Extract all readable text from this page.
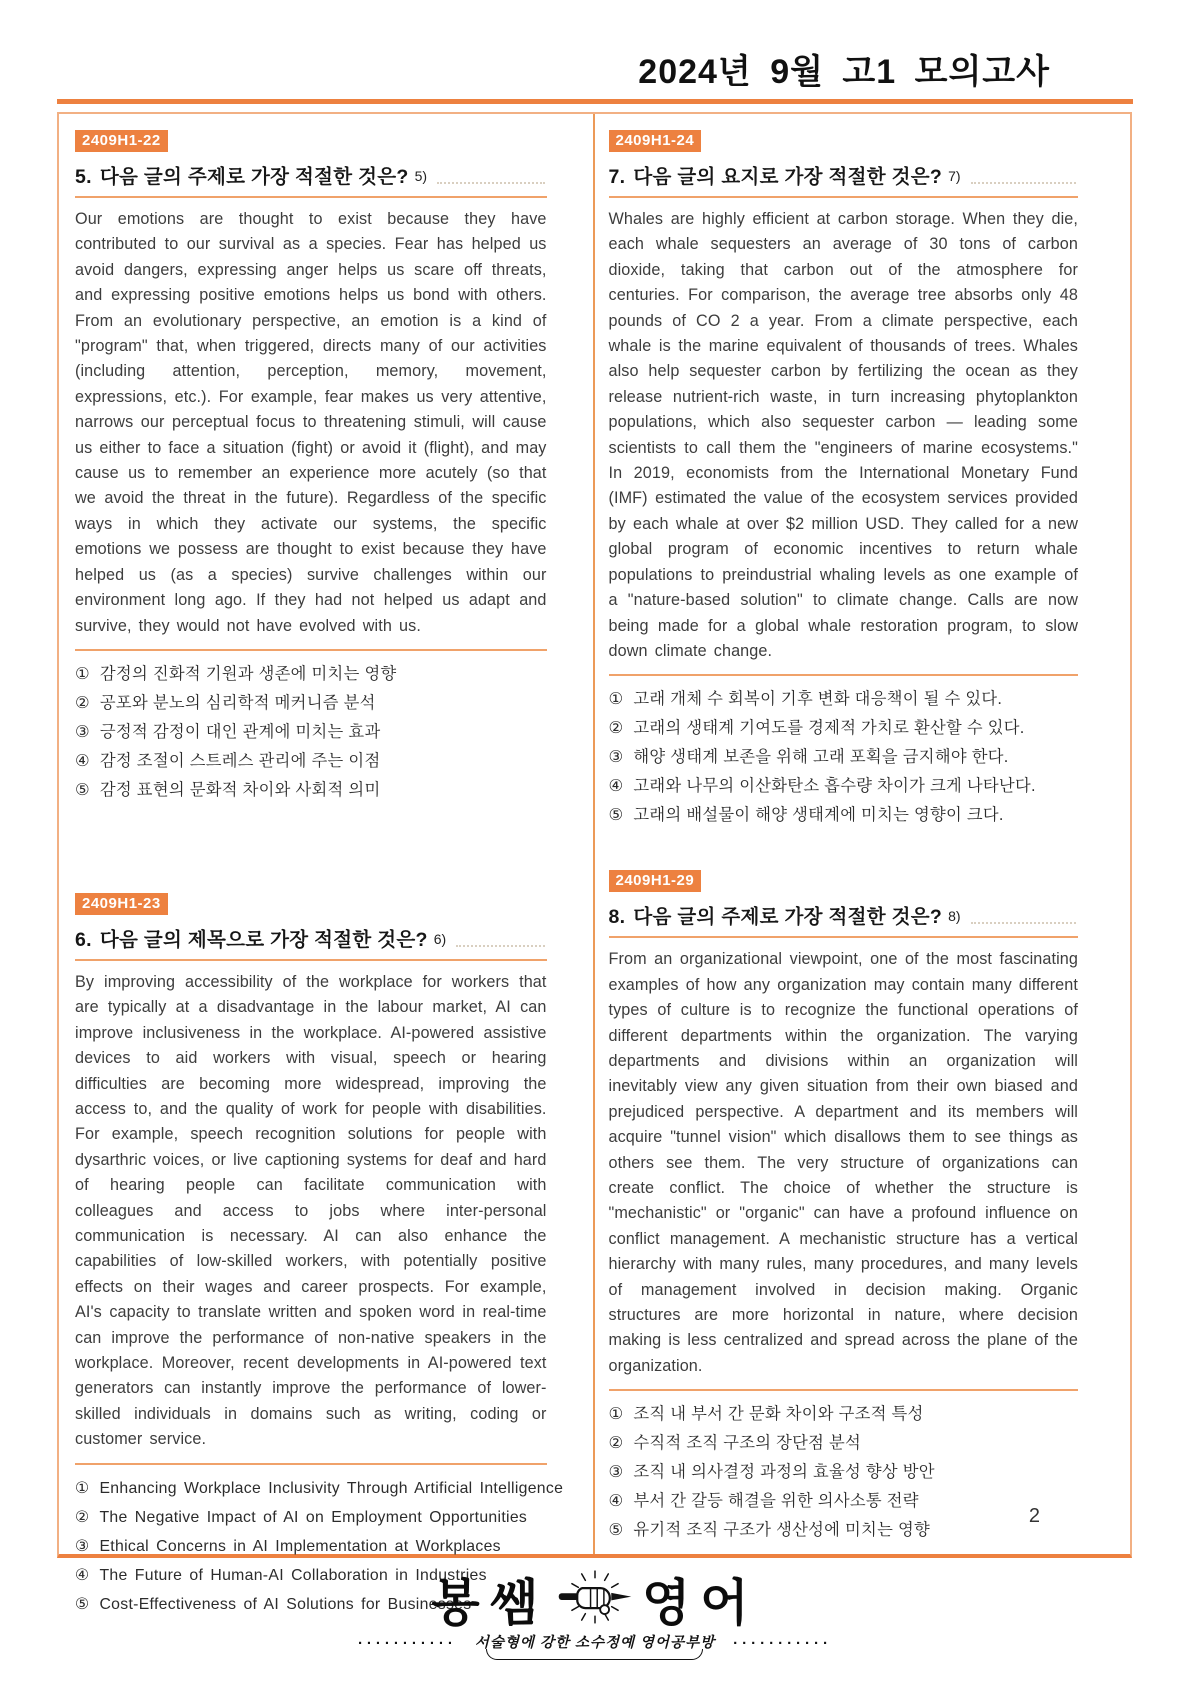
2024년 9월 고1 모의고사
2409H1-22
5. 다음 글의 주제로 가장 적절한 것은? 5)
Our emotions are thought to exist because they have contributed to our survival as a species. Fear has helped us avoid dangers, expressing anger helps us scare off threats, and expressing positive emotions helps us bond with others. From an evolutionary perspective, an emotion is a kind of "program" that, when triggered, directs many of our activities (including attention, perception, memory, movement, expressions, etc.). For example, fear makes us very attentive, narrows our perceptual focus to threatening stimuli, will cause us either to face a situation (fight) or avoid it (flight), and may cause us to remember an experience more acutely (so that we avoid the threat in the future). Regardless of the specific ways in which they activate our systems, the specific emotions we possess are thought to exist because they have helped us (as a species) survive challenges within our environment long ago. If they had not helped us adapt and survive, they would not have evolved with us.
① 감정의 진화적 기원과 생존에 미치는 영향
② 공포와 분노의 심리학적 메커니즘 분석
③ 긍정적 감정이 대인 관계에 미치는 효과
④ 감정 조절이 스트레스 관리에 주는 이점
⑤ 감정 표현의 문화적 차이와 사회적 의미
2409H1-23
6. 다음 글의 제목으로 가장 적절한 것은? 6)
By improving accessibility of the workplace for workers that are typically at a disadvantage in the labour market, AI can improve inclusiveness in the workplace. AI-powered assistive devices to aid workers with visual, speech or hearing difficulties are becoming more widespread, improving the access to, and the quality of work for people with disabilities. For example, speech recognition solutions for people with dysarthric voices, or live captioning systems for deaf and hard of hearing people can facilitate communication with colleagues and access to jobs where inter-personal communication is necessary. AI can also enhance the capabilities of low-skilled workers, with potentially positive effects on their wages and career prospects. For example, AI's capacity to translate written and spoken word in real-time can improve the performance of non-native speakers in the workplace. Moreover, recent developments in AI-powered text generators can instantly improve the performance of lower-skilled individuals in domains such as writing, coding or customer service.
① Enhancing Workplace Inclusivity Through Artificial Intelligence
② The Negative Impact of AI on Employment Opportunities
③ Ethical Concerns in AI Implementation at Workplaces
④ The Future of Human-AI Collaboration in Industries
⑤ Cost-Effectiveness of AI Solutions for Businesses
2409H1-24
7. 다음 글의 요지로 가장 적절한 것은? 7)
Whales are highly efficient at carbon storage. When they die, each whale sequesters an average of 30 tons of carbon dioxide, taking that carbon out of the atmosphere for centuries. For comparison, the average tree absorbs only 48 pounds of CO 2 a year. From a climate perspective, each whale is the marine equivalent of thousands of trees. Whales also help sequester carbon by fertilizing the ocean as they release nutrient-rich waste, in turn increasing phytoplankton populations, which also sequester carbon — leading some scientists to call them the "engineers of marine ecosystems." In 2019, economists from the International Monetary Fund (IMF) estimated the value of the ecosystem services provided by each whale at over $2 million USD. They called for a new global program of economic incentives to return whale populations to preindustrial whaling levels as one example of a "nature-based solution" to climate change. Calls are now being made for a global whale restoration program, to slow down climate change.
① 고래 개체 수 회복이 기후 변화 대응책이 될 수 있다.
② 고래의 생태계 기여도를 경제적 가치로 환산할 수 있다.
③ 해양 생태계 보존을 위해 고래 포획을 금지해야 한다.
④ 고래와 나무의 이산화탄소 흡수량 차이가 크게 나타난다.
⑤ 고래의 배설물이 해양 생태계에 미치는 영향이 크다.
2409H1-29
8. 다음 글의 주제로 가장 적절한 것은? 8)
From an organizational viewpoint, one of the most fascinating examples of how any organization may contain many different types of culture is to recognize the functional operations of different departments within the organization. The varying departments and divisions within an organization will inevitably view any given situation from their own biased and prejudiced perspective. A department and its members will acquire "tunnel vision" which disallows them to see things as others see them. The very structure of organizations can create conflict. The choice of whether the structure is "mechanistic" or "organic" can have a profound influence on conflict management. A mechanistic structure has a vertical hierarchy with many rules, many procedures, and many levels of management involved in decision making. Organic structures are more horizontal in nature, where decision making is less centralized and spread across the plane of the organization.
① 조직 내 부서 간 문화 차이와 구조적 특성
② 수직적 조직 구조의 장단점 분석
③ 조직 내 의사결정 과정의 효율성 향상 방안
④ 부서 간 갈등 해결을 위한 의사소통 전략
⑤ 유기적 조직 구조가 생산성에 미치는 영향
2
봉쌤 영어
···········	서술형에 강한 소수정예 영어공부방	···········
